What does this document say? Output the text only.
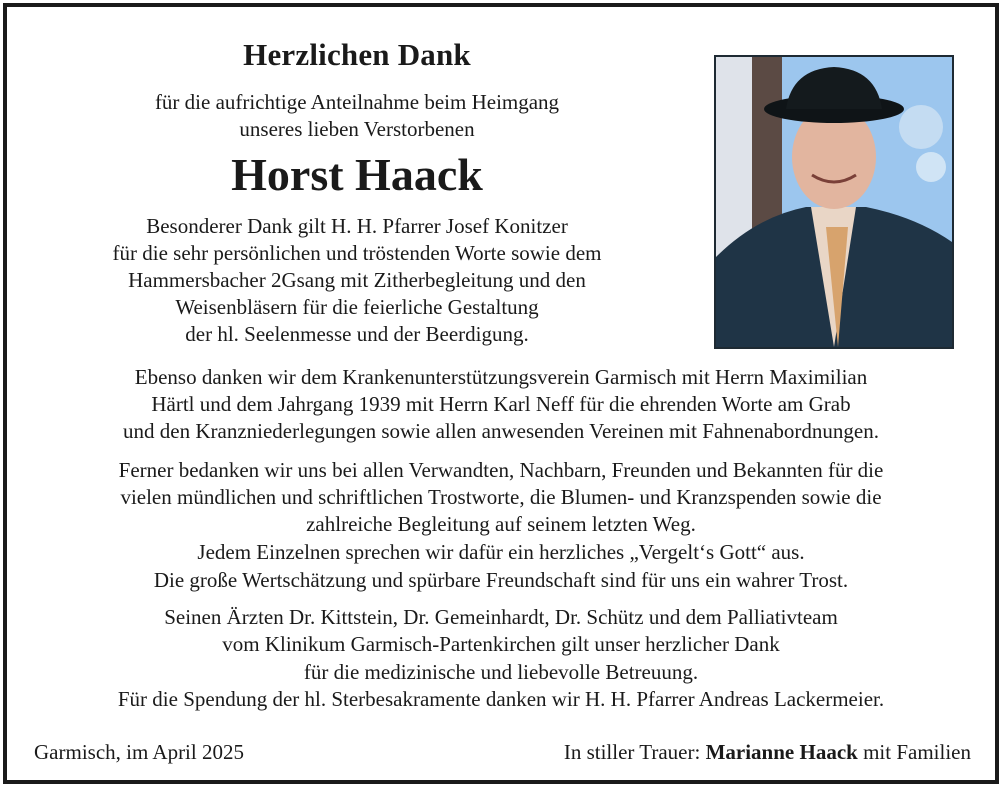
Herzlichen Dank
für die aufrichtige Anteilnahme beim Heimgang
unseres lieben Verstorbenen
Horst Haack
Besonderer Dank gilt H. H. Pfarrer Josef Konitzer
für die sehr persönlichen und tröstenden Worte sowie dem
Hammersbacher 2Gsang mit Zitherbegleitung und den
Weisenbläsern für die feierliche Gestaltung
der hl. Seelenmesse und der Beerdigung.
Ebenso danken wir dem Krankenunterstützungsverein Garmisch mit Herrn Maximilian
Härtl und dem Jahrgang 1939 mit Herrn Karl Neff für die ehrenden Worte am Grab
und den Kranzniederlegungen sowie allen anwesenden Vereinen mit Fahnenabordnungen.
Ferner bedanken wir uns bei allen Verwandten, Nachbarn, Freunden und Bekannten für die
vielen mündlichen und schriftlichen Trostworte, die Blumen- und Kranzspenden sowie die
zahlreiche Begleitung auf seinem letzten Weg.
Jedem Einzelnen sprechen wir dafür ein herzliches „Vergelt‘s Gott“ aus.
Die große Wertschätzung und spürbare Freundschaft sind für uns ein wahrer Trost.
Seinen Ärzten Dr. Kittstein, Dr. Gemeinhardt, Dr. Schütz und dem Palliativteam
vom Klinikum Garmisch-Partenkirchen gilt unser herzlicher Dank
für die medizinische und liebevolle Betreuung.
Für die Spendung der hl. Sterbesakramente danken wir H. H. Pfarrer Andreas Lackermeier.
Garmisch, im April 2025	In stiller Trauer: Marianne Haack mit Familien
